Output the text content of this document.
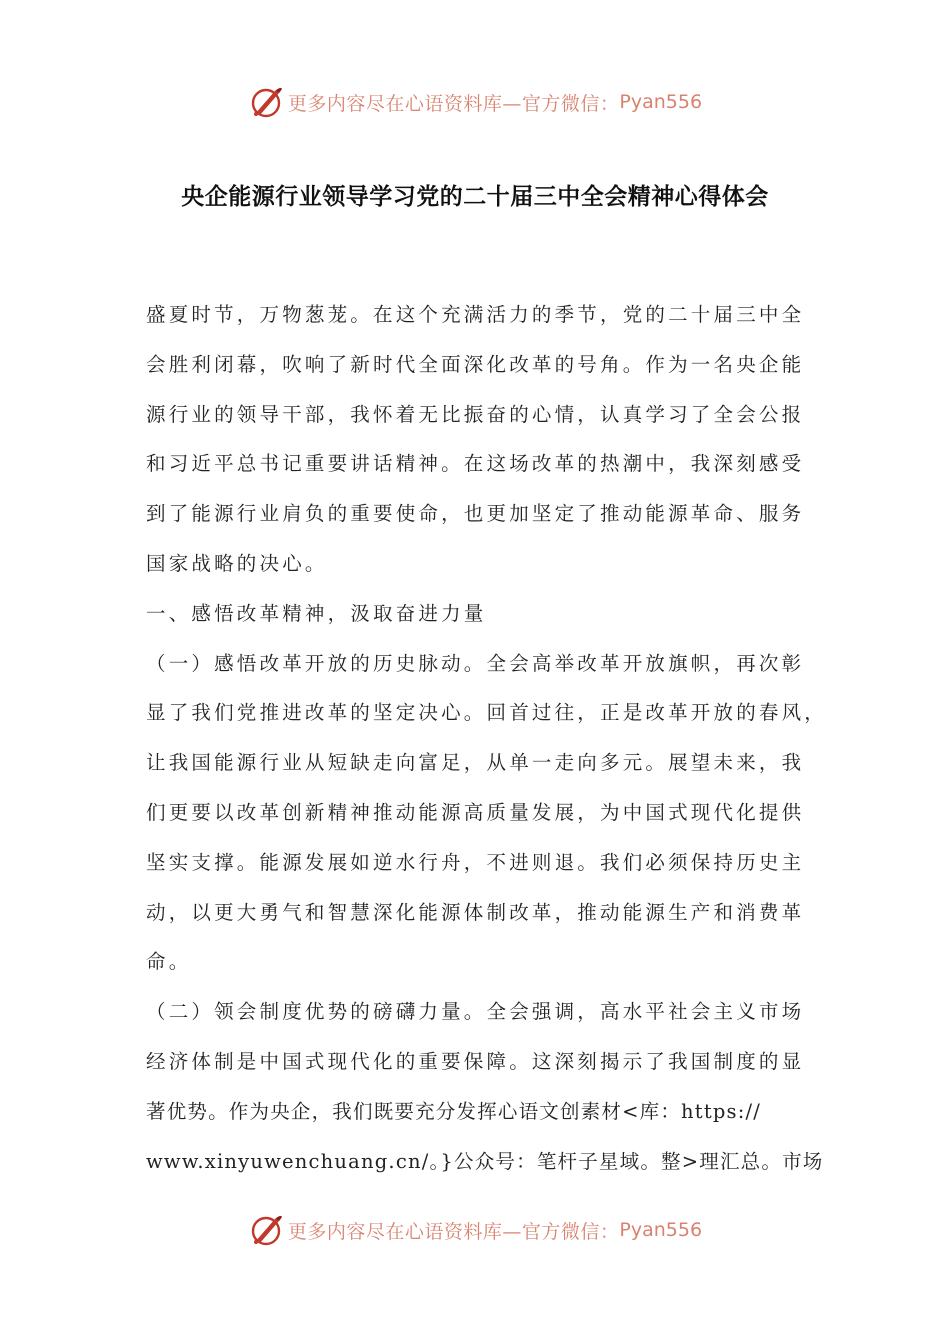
更多内容尽在心语资料库—官方微信： Pyan556
央企能源行业领导学习党的二十届三中全会精神心得体会
盛夏时节，万物葱茏。在这个充满活力的季节，党的二十届三中全
会胜利闭幕，吹响了新时代全面深化改革的号角。作为一名央企能
源行业的领导干部，我怀着无比振奋的心情，认真学习了全会公报
和习近平总书记重要讲话精神。在这场改革的热潮中，我深刻感受
到了能源行业肩负的重要使命，也更加坚定了推动能源革命、服务
国家战略的决心。
一、感悟改革精神，汲取奋进力量
（一）感悟改革开放的历史脉动。全会高举改革开放旗帜，再次彰
显了我们党推进改革的坚定决心。回首过往，正是改革开放的春风，
让我国能源行业从短缺走向富足，从单一走向多元。展望未来，我
们更要以改革创新精神推动能源高质量发展，为中国式现代化提供
坚实支撑。能源发展如逆水行舟，不进则退。我们必须保持历史主
动，以更大勇气和智慧深化能源体制改革，推动能源生产和消费革
命。
（二）领会制度优势的磅礴力量。全会强调，高水平社会主义市场
经济体制是中国式现代化的重要保障。这深刻揭示了我国制度的显
著优势。作为央企，我们既要充分发挥心语文创素材<库：https://
www.xinyuwenchuang.cn/。}公众号：笔杆子星域。整>理汇总。市场
更多内容尽在心语资料库—官方微信： Pyan556
